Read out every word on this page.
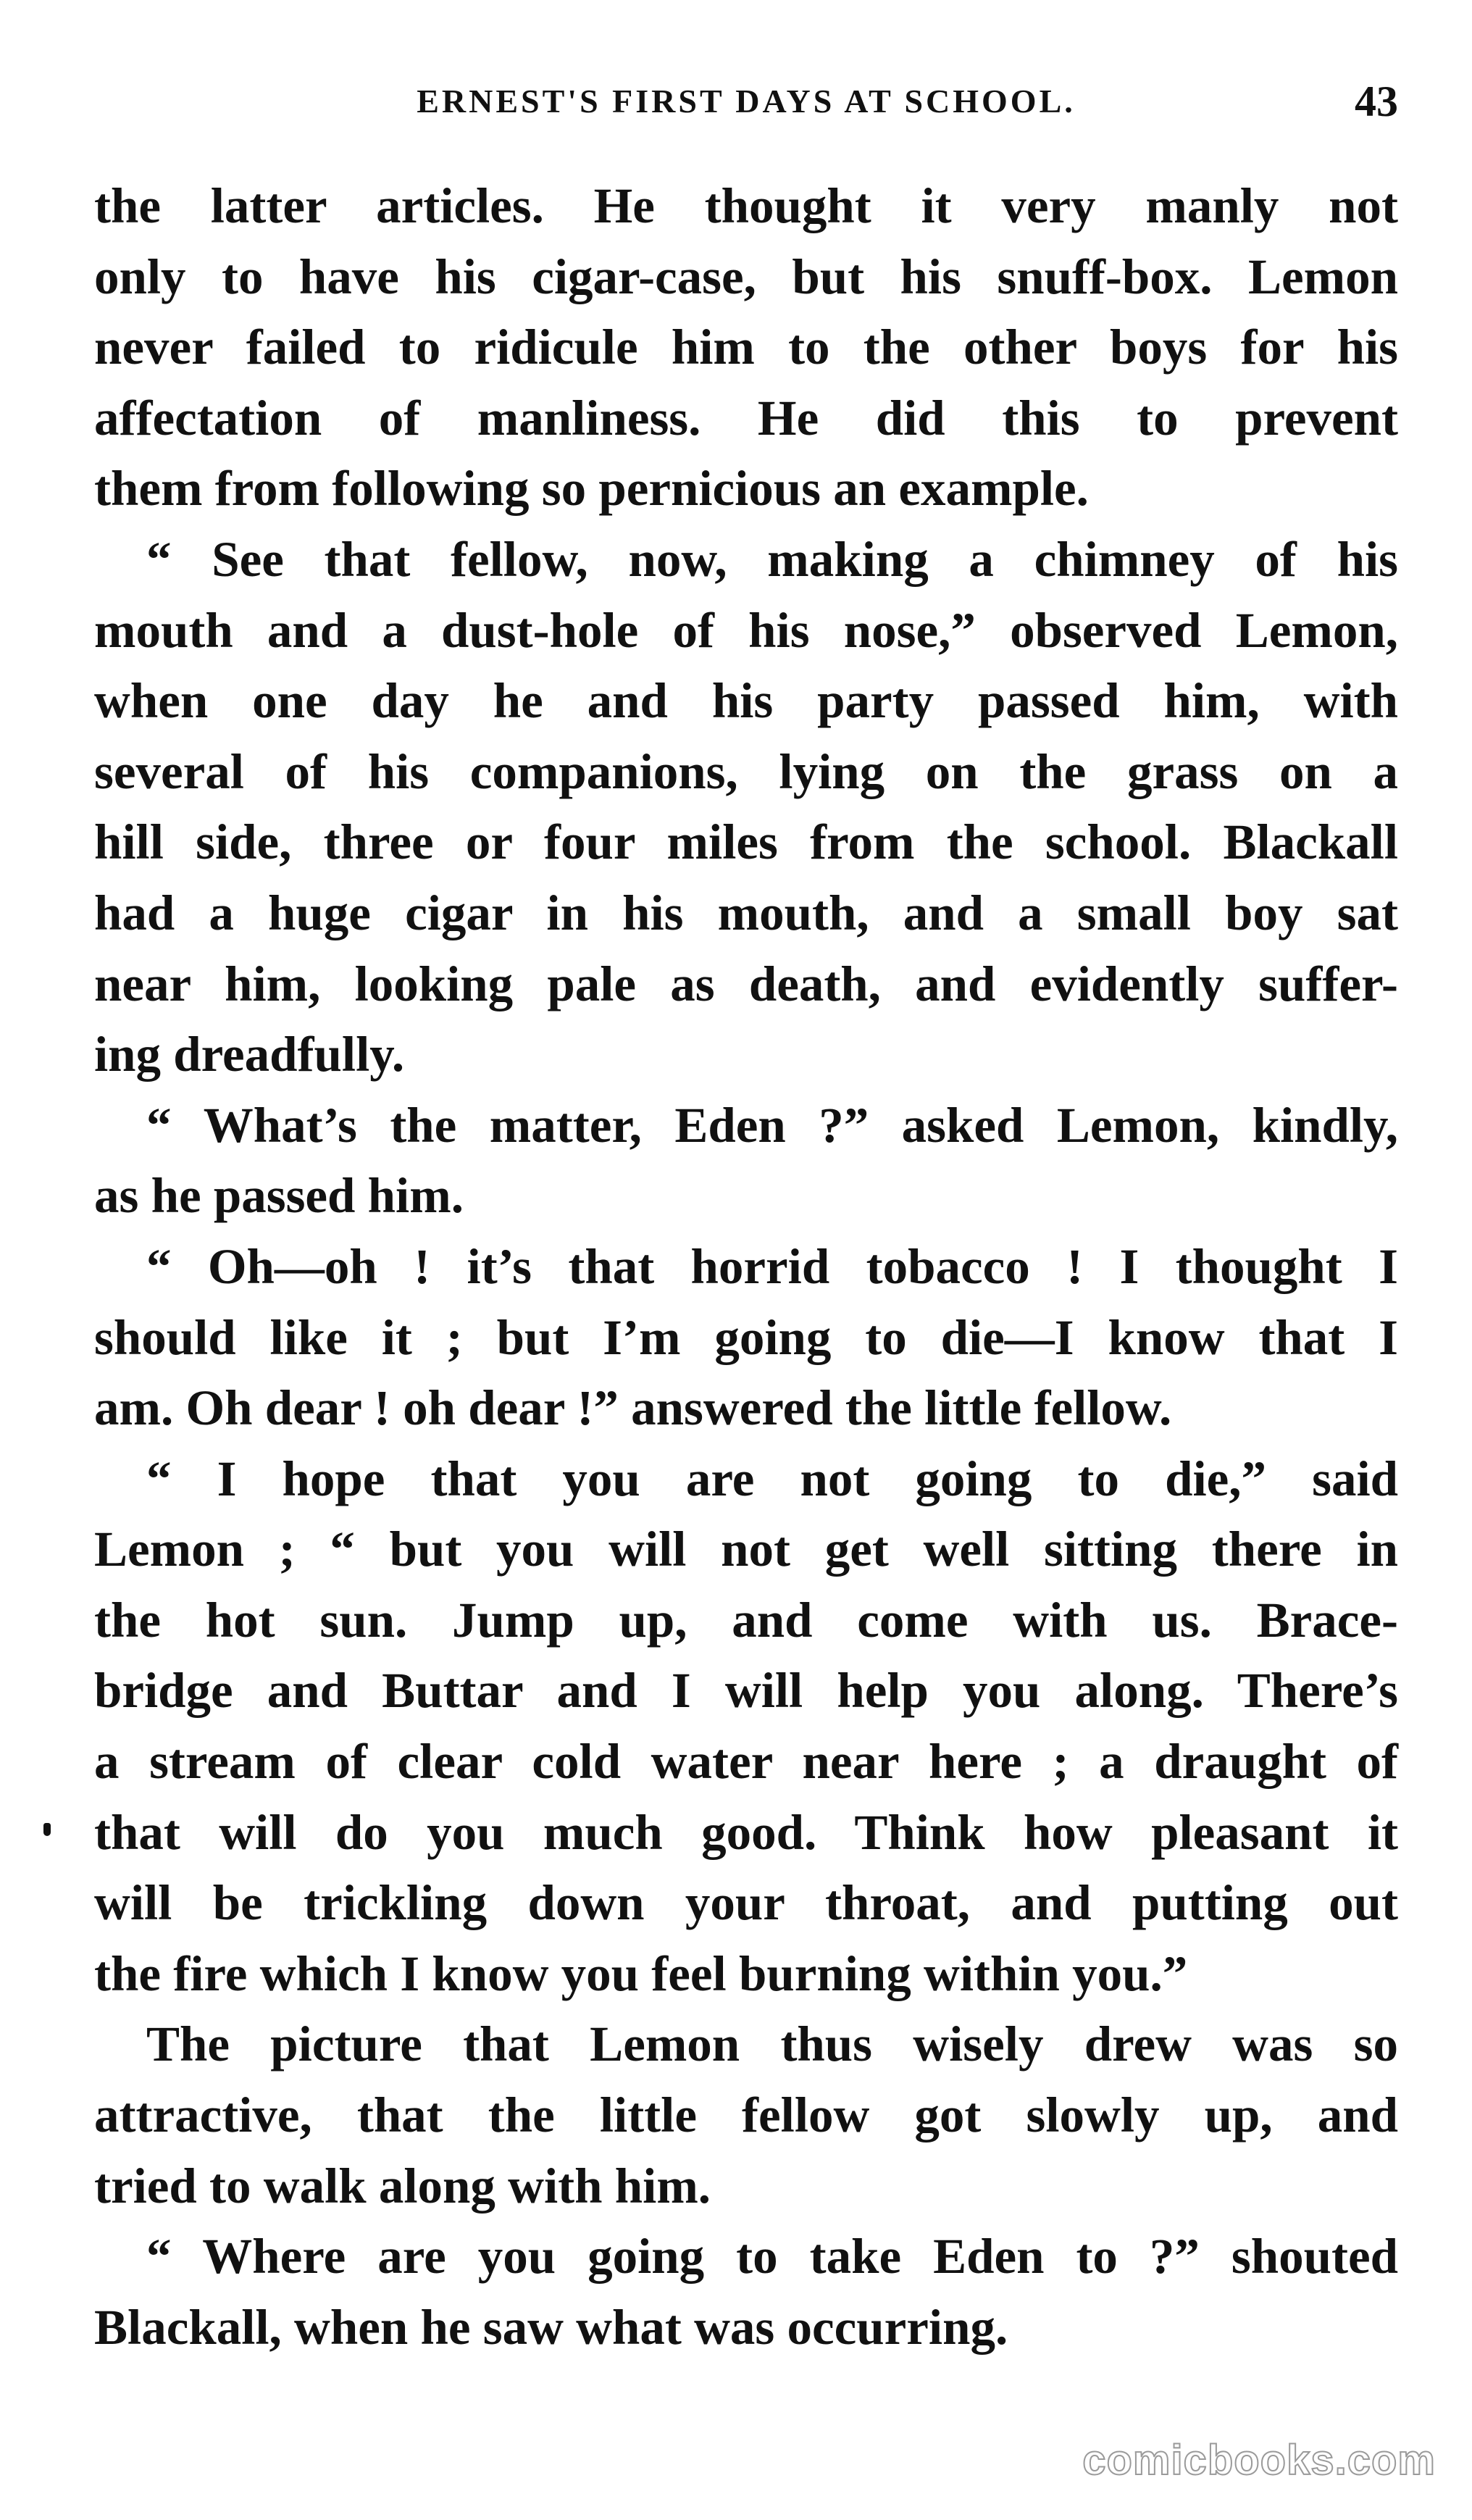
ERNEST'S FIRST DAYS AT SCHOOL.	43

the latter articles. He thought it very manly not
only to have his cigar-case, but his snuff-box. Lemon
never failed to ridicule him to the other boys for his
affectation of manliness. He did this to prevent
them from following so pernicious an example.

“ See that fellow, now, making a chimney of his
mouth and a dust-hole of his nose,” observed Lemon,
when one day he and his party passed him, with
several of his companions, lying on the grass on a
hill side, three or four miles from the school. Blackall
had a huge cigar in his mouth, and a small boy sat
near him, looking pale as death, and evidently suffer-
ing dreadfully.

“ What’s the matter, Eden ?” asked Lemon, kindly,
as he passed him.

“ Oh—oh ! it’s that horrid tobacco ! I thought I
should like it ; but I’m going to die—I know that I
am. Oh dear ! oh dear !” answered the little fellow.

“ I hope that you are not going to die,” said
Lemon ; “ but you will not get well sitting there in
the hot sun. Jump up, and come with us. Brace-
bridge and Buttar and I will help you along. There’s
a stream of clear cold water near here ; a draught of
that will do you much good. Think how pleasant it
will be trickling down your throat, and putting out
the fire which I know you feel burning within you.”

The picture that Lemon thus wisely drew was so
attractive, that the little fellow got slowly up, and
tried to walk along with him.

“ Where are you going to take Eden to ?” shouted
Blackall, when he saw what was occurring.

comicbooks.com
